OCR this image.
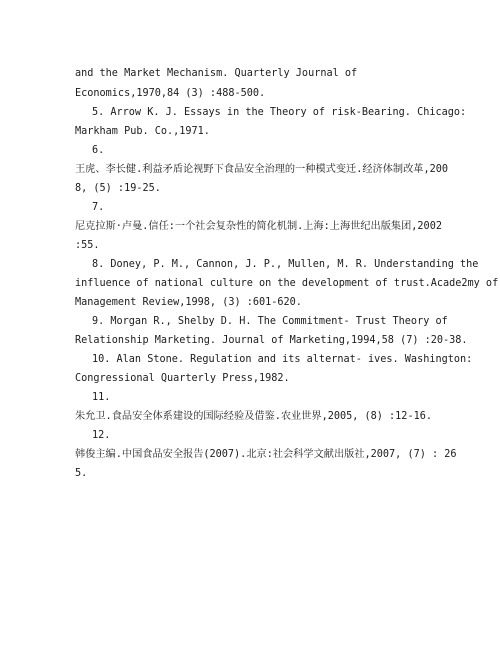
and the Market Mechanism. Quarterly Journal of
Economics,1970,84 (3) :488-500.
5. Arrow K. J. Essays in the Theory of risk-Bearing. Chicago:
Markham Pub. Co.,1971.
6.
王虎、李长健.利益矛盾论视野下食品安全治理的一种模式变迁.经济体制改革,200
8, (5) :19-25.
7.
尼克拉斯·卢曼.信任:一个社会复杂性的简化机制.上海:上海世纪出版集团,2002
:55.
8. Doney, P. M., Cannon, J. P., Mullen, M. R. Understanding the
influence of national culture on the development of trust.Acade2my of
Management Review,1998, (3) :601-620.
9. Morgan R., Shelby D. H. The Commitment- Trust Theory of
Relationship Marketing. Journal of Marketing,1994,58 (7) :20-38.
10. Alan Stone. Regulation and its alternat- ives. Washington:
Congressional Quarterly Press,1982.
11.
朱允卫.食品安全体系建设的国际经验及借鉴.农业世界,2005, (8) :12-16.
12.
韩俊主编.中国食品安全报告(2007).北京:社会科学文献出版社,2007, (7) : 26
5.
